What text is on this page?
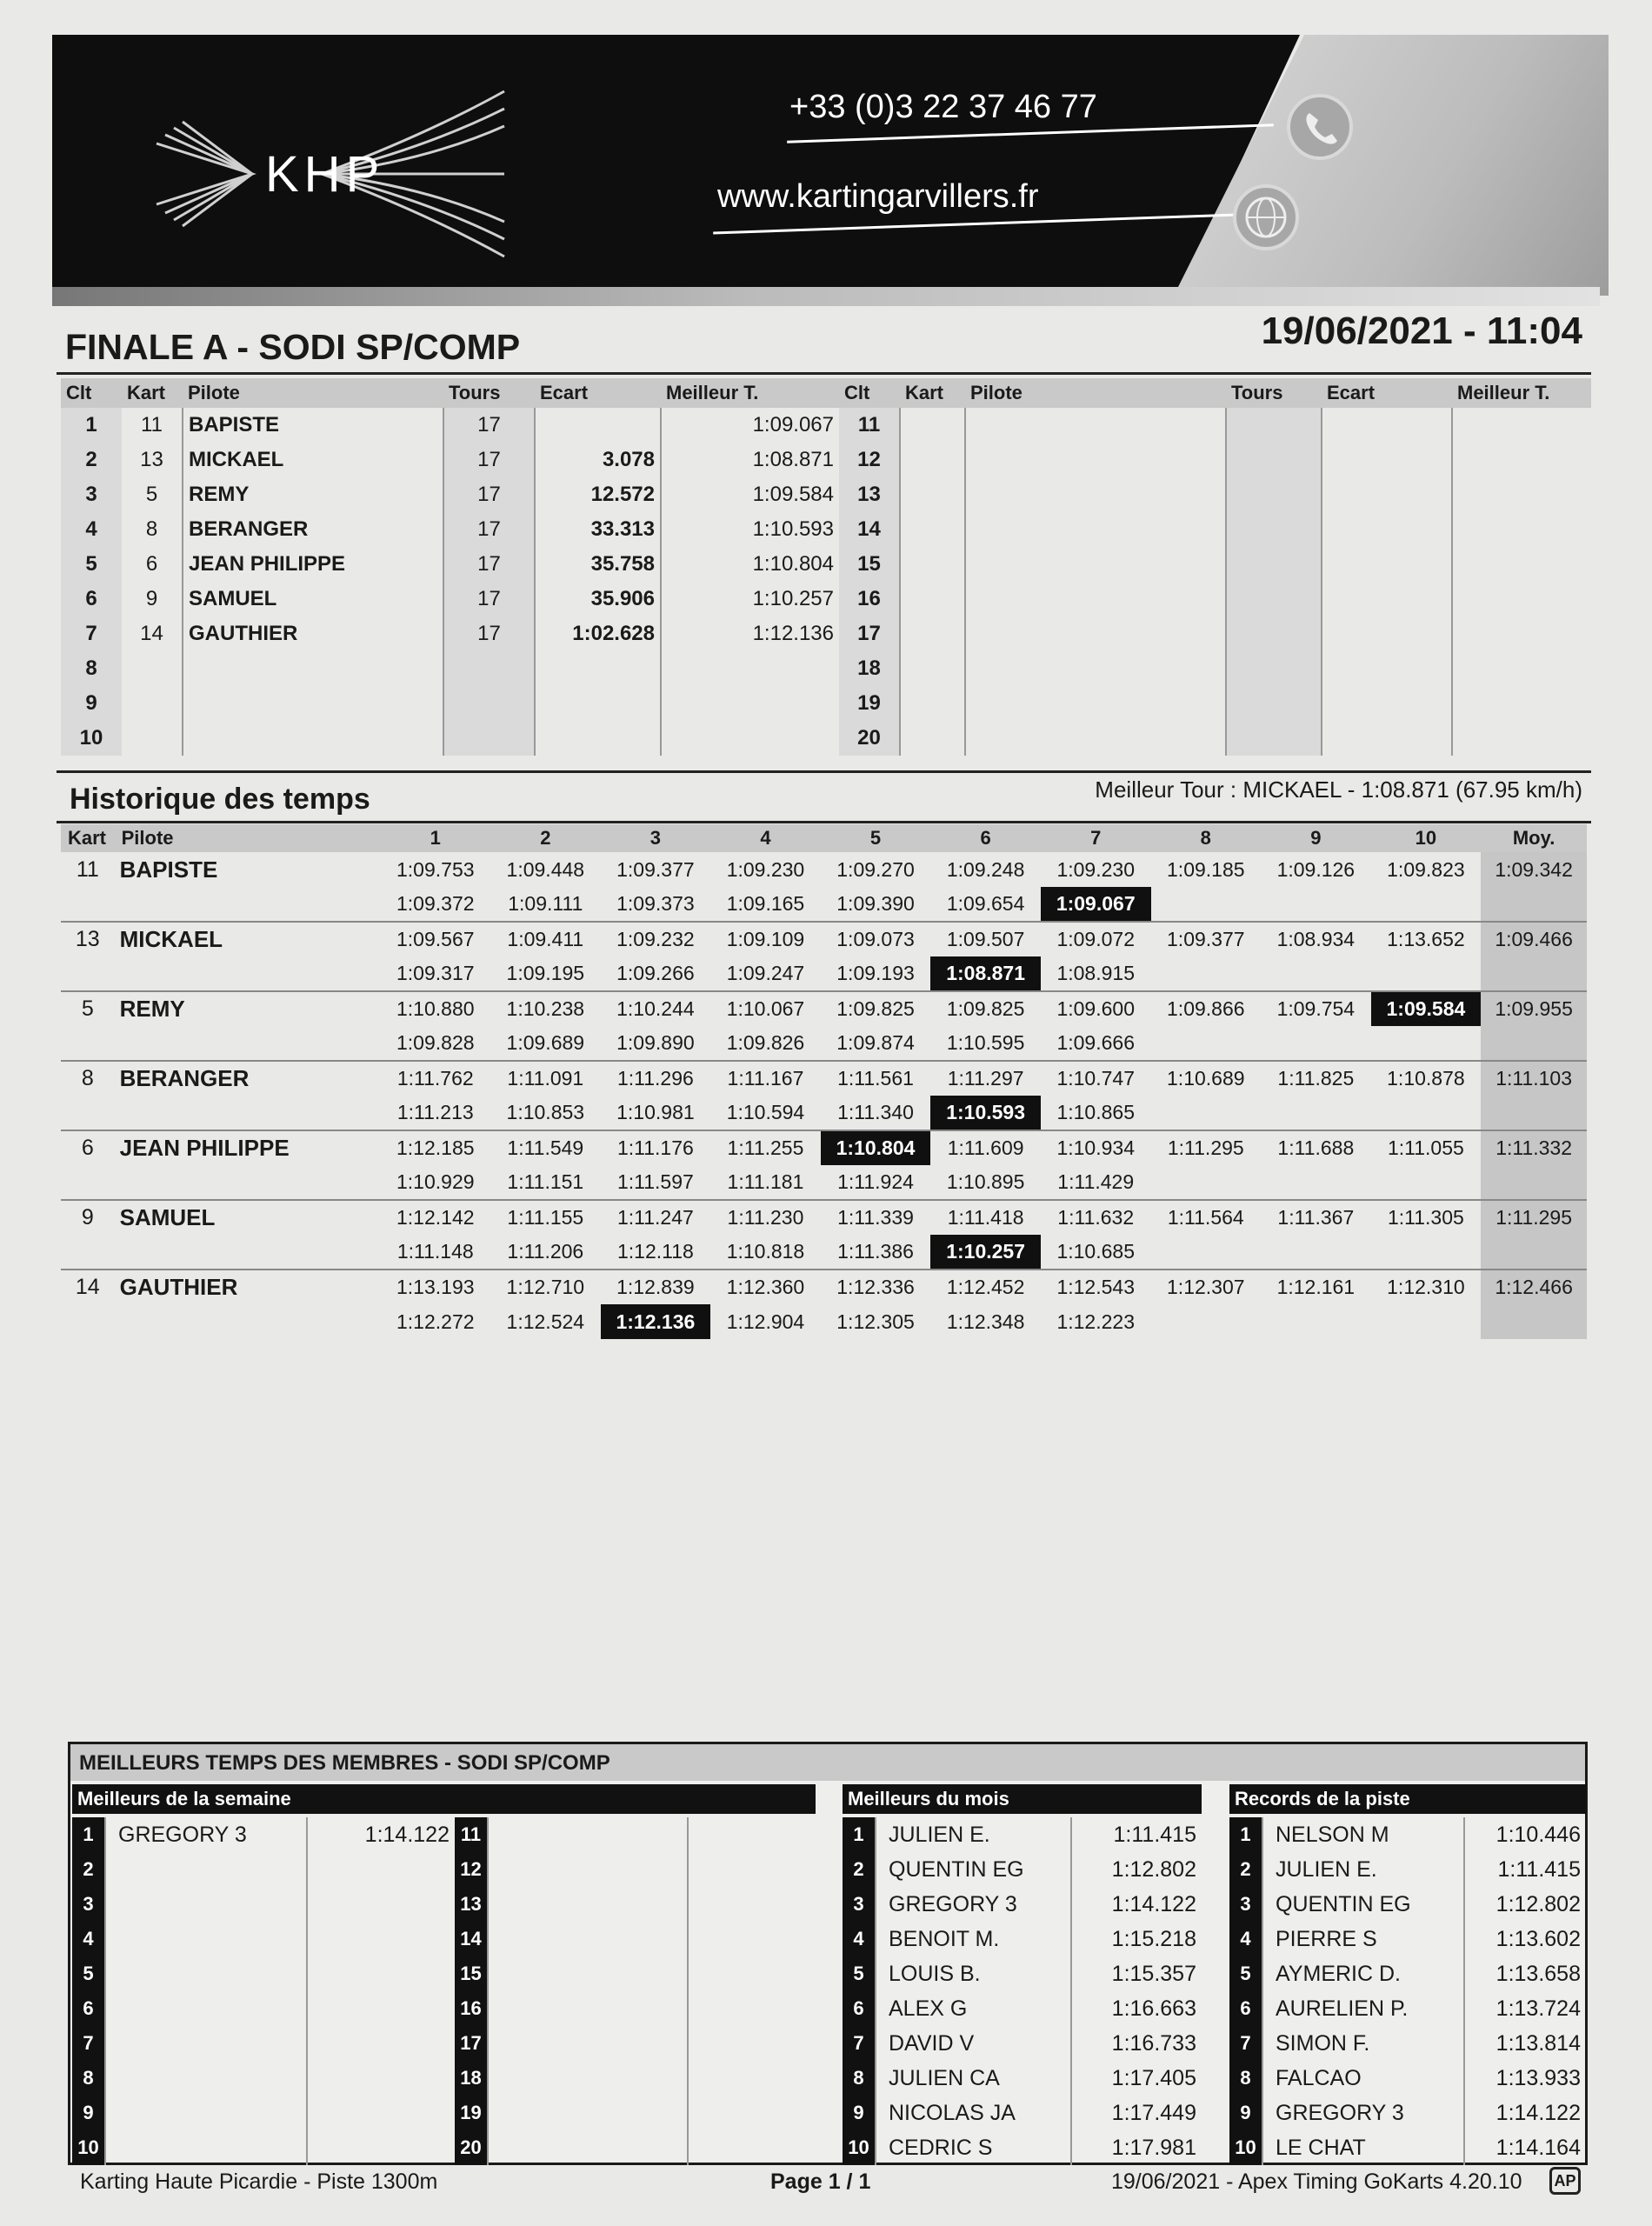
KHP
+33 (0)3 22 37 46 77
www.kartingarvillers.fr
FINALE A - SODI SP/COMP	19/06/2021 - 11:04
Clt	Kart	Pilote	Tours	Ecart	Meilleur T.
1	11	BAPISTE	17		1:09.067
2	13	MICKAEL	17	3.078	1:08.871
3	5	REMY	17	12.572	1:09.584
4	8	BERANGER	17	33.313	1:10.593
5	6	JEAN PHILIPPE	17	35.758	1:10.804
6	9	SAMUEL	17	35.906	1:10.257
7	14	GAUTHIER	17	1:02.628	1:12.136
8					
9					
10					
Clt	Kart	Pilote	Tours	Ecart	Meilleur T.
11					
12					
13					
14					
15					
16					
17					
18					
19					
20					
Historique des temps	Meilleur Tour : MICKAEL - 1:08.871 (67.95 km/h)
Kart	Pilote	1	2	3	4	5	6	7	8	9	10	Moy.
11	BAPISTE	1:09.753	1:09.448	1:09.377	1:09.230	1:09.270	1:09.248	1:09.230	1:09.185	1:09.126	1:09.823	1:09.342
		1:09.372	1:09.111	1:09.373	1:09.165	1:09.390	1:09.654	1:09.067				
13	MICKAEL	1:09.567	1:09.411	1:09.232	1:09.109	1:09.073	1:09.507	1:09.072	1:09.377	1:08.934	1:13.652	1:09.466
		1:09.317	1:09.195	1:09.266	1:09.247	1:09.193	1:08.871	1:08.915				
5	REMY	1:10.880	1:10.238	1:10.244	1:10.067	1:09.825	1:09.825	1:09.600	1:09.866	1:09.754	1:09.584	1:09.955
		1:09.828	1:09.689	1:09.890	1:09.826	1:09.874	1:10.595	1:09.666				
8	BERANGER	1:11.762	1:11.091	1:11.296	1:11.167	1:11.561	1:11.297	1:10.747	1:10.689	1:11.825	1:10.878	1:11.103
		1:11.213	1:10.853	1:10.981	1:10.594	1:11.340	1:10.593	1:10.865				
6	JEAN PHILIPPE	1:12.185	1:11.549	1:11.176	1:11.255	1:10.804	1:11.609	1:10.934	1:11.295	1:11.688	1:11.055	1:11.332
		1:10.929	1:11.151	1:11.597	1:11.181	1:11.924	1:10.895	1:11.429				
9	SAMUEL	1:12.142	1:11.155	1:11.247	1:11.230	1:11.339	1:11.418	1:11.632	1:11.564	1:11.367	1:11.305	1:11.295
		1:11.148	1:11.206	1:12.118	1:10.818	1:11.386	1:10.257	1:10.685				
14	GAUTHIER	1:13.193	1:12.710	1:12.839	1:12.360	1:12.336	1:12.452	1:12.543	1:12.307	1:12.161	1:12.310	1:12.466
		1:12.272	1:12.524	1:12.136	1:12.904	1:12.305	1:12.348	1:12.223				
MEILLEURS TEMPS DES MEMBRES - SODI SP/COMP
Meilleurs de la semaine
1	GREGORY 3	1:14.122
2		
3		
4		
5		
6		
7		
8		
9		
10		
11		
12		
13		
14		
15		
16		
17		
18		
19		
20		
Meilleurs du mois
1	JULIEN E.	1:11.415
2	QUENTIN EG	1:12.802
3	GREGORY 3	1:14.122
4	BENOIT M.	1:15.218
5	LOUIS B.	1:15.357
6	ALEX G	1:16.663
7	DAVID V	1:16.733
8	JULIEN CA	1:17.405
9	NICOLAS JA	1:17.449
10	CEDRIC S	1:17.981
Records de la piste
1	NELSON M	1:10.446
2	JULIEN E.	1:11.415
3	QUENTIN EG	1:12.802
4	PIERRE S	1:13.602
5	AYMERIC D.	1:13.658
6	AURELIEN P.	1:13.724
7	SIMON F.	1:13.814
8	FALCAO	1:13.933
9	GREGORY 3	1:14.122
10	LE CHAT	1:14.164
Karting Haute Picardie - Piste 1300m	Page 1 / 1	19/06/2021 - Apex Timing GoKarts 4.20.10	AP
